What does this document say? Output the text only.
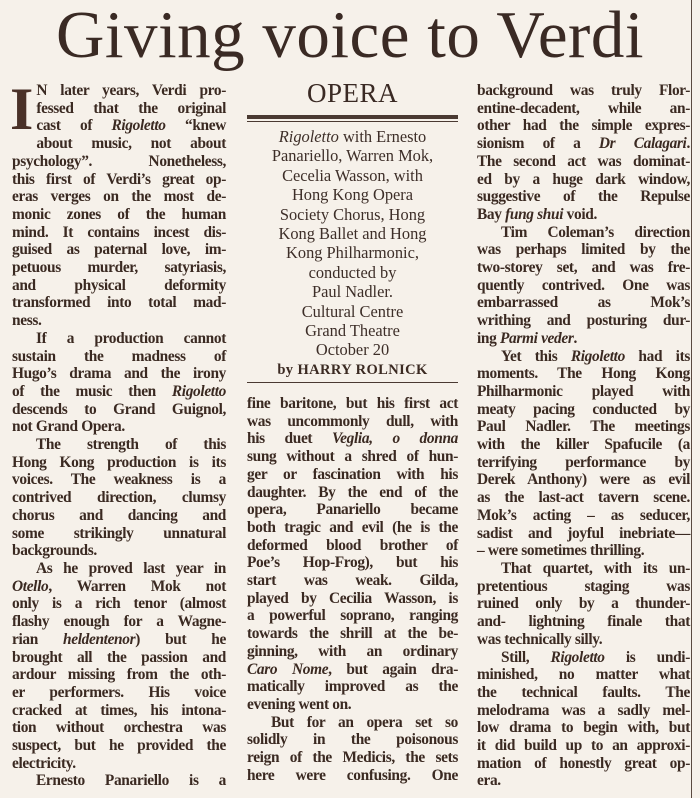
Giving voice to Verdi
OPERA
Rigoletto with Ernesto
Panariello, Warren Mok,
Cecelia Wasson, with
Hong Kong Opera
Society Chorus, Hong
Kong Ballet and Hong
Kong Philharmonic,
conducted by
Paul Nadler.
Cultural Centre
Grand Theatre
October 20
by HARRY ROLNICK
I N later years, Verdi pro-
fessed that the original
cast of Rigoletto “knew
about music, not about
psychology”. Nonetheless,
this first of Verdi’s great op-
eras verges on the most de-
monic zones of the human
mind. It contains incest dis-
guised as paternal love, im-
petuous murder, satyriasis,
and physical deformity
transformed into total mad-
ness.
If a production cannot
sustain the madness of
Hugo’s drama and the irony
of the music then Rigoletto
descends to Grand Guignol,
not Grand Opera.
The strength of this
Hong Kong production is its
voices. The weakness is a
contrived direction, clumsy
chorus and dancing and
some strikingly unnatural
backgrounds.
As he proved last year in
Otello, Warren Mok not
only is a rich tenor (almost
flashy enough for a Wagne-
rian heldentenor) but he
brought all the passion and
ardour missing from the oth-
er performers. His voice
cracked at times, his intona-
tion without orchestra was
suspect, but he provided the
electricity.
Ernesto Panariello is a
fine baritone, but his first act
was uncommonly dull, with
his duet Veglia, o donna
sung without a shred of hun-
ger or fascination with his
daughter. By the end of the
opera, Panariello became
both tragic and evil (he is the
deformed blood brother of
Poe’s Hop-Frog), but his
start was weak. Gilda,
played by Cecilia Wasson, is
a powerful soprano, ranging
towards the shrill at the be-
ginning, with an ordinary
Caro Nome, but again dra-
matically improved as the
evening went on.
But for an opera set so
solidly in the poisonous
reign of the Medicis, the sets
here were confusing. One
background was truly Flor-
entine-decadent, while an-
other had the simple expres-
sionism of a Dr Calagari.
The second act was dominat-
ed by a huge dark window,
suggestive of the Repulse
Bay fung shui void.
Tim Coleman’s direction
was perhaps limited by the
two-storey set, and was fre-
quently contrived. One was
embarrassed as Mok’s
writhing and posturing dur-
ing Parmi veder.
Yet this Rigoletto had its
moments. The Hong Kong
Philharmonic played with
meaty pacing conducted by
Paul Nadler. The meetings
with the killer Spafucile (a
terrifying performance by
Derek Anthony) were as evil
as the last-act tavern scene.
Mok’s acting – as seducer,
sadist and joyful inebriate—
– were sometimes thrilling.
That quartet, with its un-
pretentious staging was
ruined only by a thunder-
and- lightning finale that
was technically silly.
Still, Rigoletto is undi-
minished, no matter what
the technical faults. The
melodrama was a sadly mel-
low drama to begin with, but
it did build up to an approxi-
mation of honestly great op-
era.
